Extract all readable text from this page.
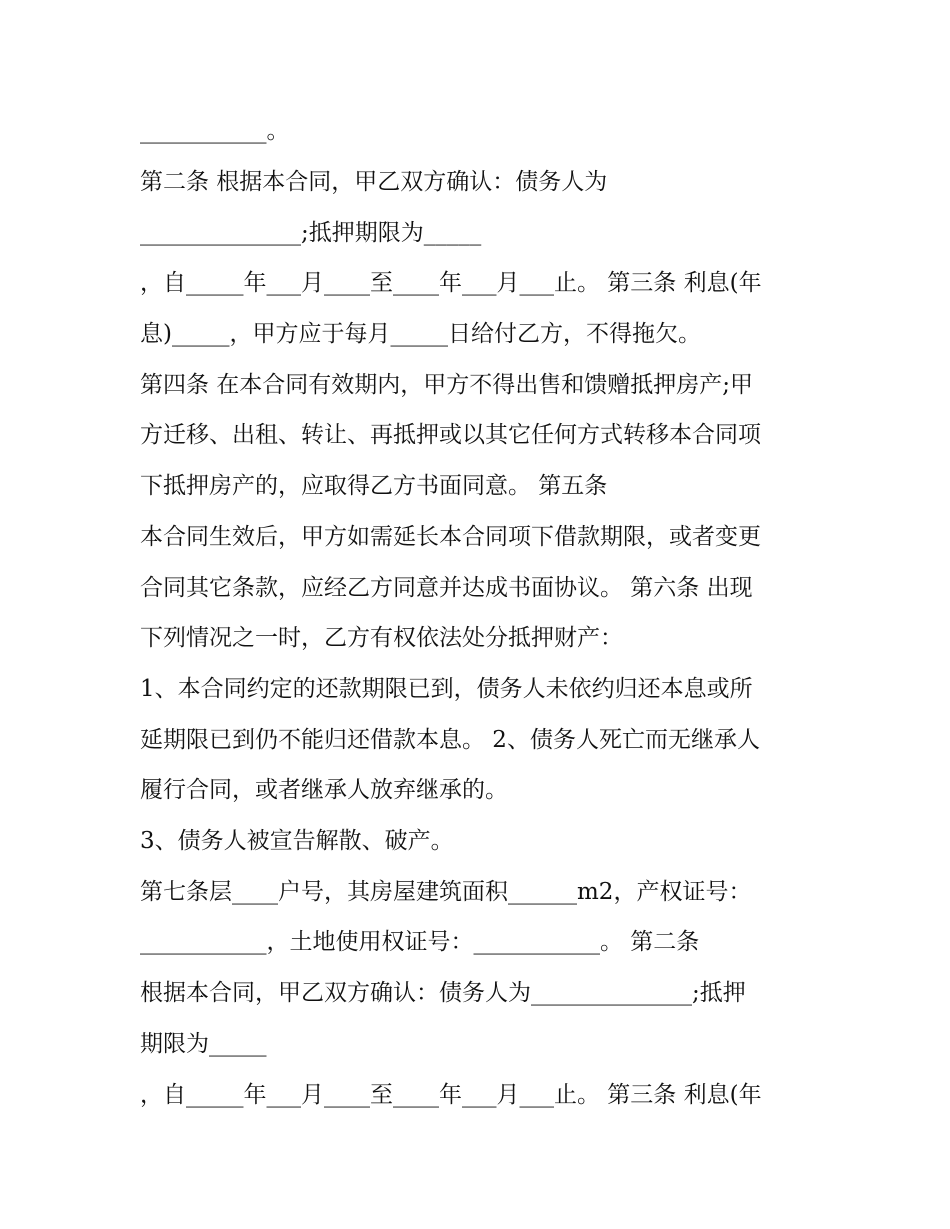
___________。
第二条 根据本合同，甲乙双方确认：债务人为
______________;抵押期限为_____
，自_____年___月____至____年___月___止。 第三条 利息(年
息)_____，甲方应于每月_____日给付乙方，不得拖欠。
第四条 在本合同有效期内，甲方不得出售和馈赠抵押房产;甲
方迁移、出租、转让、再抵押或以其它任何方式转移本合同项
下抵押房产的，应取得乙方书面同意。 第五条
本合同生效后，甲方如需延长本合同项下借款期限，或者变更
合同其它条款，应经乙方同意并达成书面协议。 第六条 出现
下列情况之一时，乙方有权依法处分抵押财产：
1、本合同约定的还款期限已到，债务人未依约归还本息或所
延期限已到仍不能归还借款本息。 2、债务人死亡而无继承人
履行合同，或者继承人放弃继承的。
3、债务人被宣告解散、破产。
第七条层____户号，其房屋建筑面积______m2，产权证号：
___________，土地使用权证号：___________。 第二条
根据本合同，甲乙双方确认：债务人为______________;抵押
期限为_____
，自_____年___月____至____年___月___止。 第三条 利息(年
